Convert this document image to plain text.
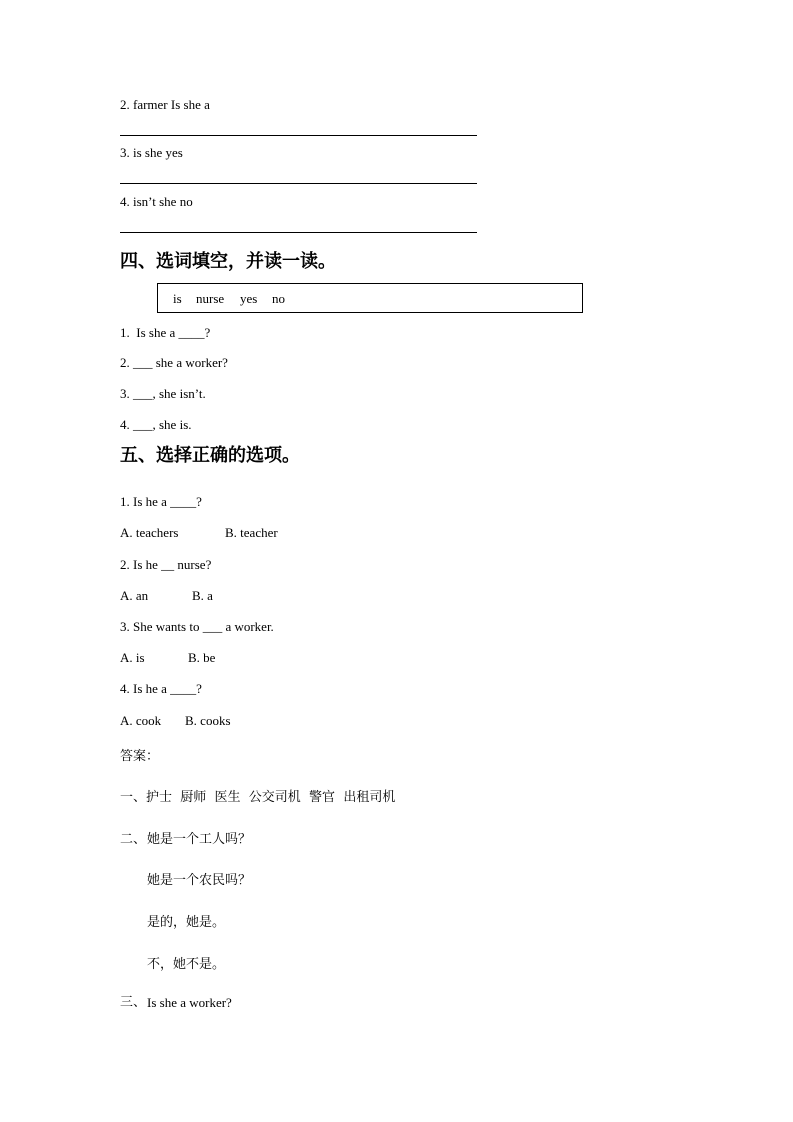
2. farmer Is she a
3. is she yes
4. isn’t she no
四、选词填空，并读一读。
is nurse yes no
1.  Is she a ____?
2. ___ she a worker?
3. ___, she isn’t.
4. ___, she is.
五、选择正确的选项。
1. Is he a ____?
A. teachers	B. teacher
2. Is he __ nurse?
A. an	B. a
3. She wants to ___ a worker.
A. is	B. be
4. Is he a ____?
A. cook B. cooks
答案：
一、护士  厨师  医生  公交司机  警官  出租司机
二、 她是一个工人吗？
她是一个农民吗？
是的，她是。
不，她不是。
三、 Is she a worker?
